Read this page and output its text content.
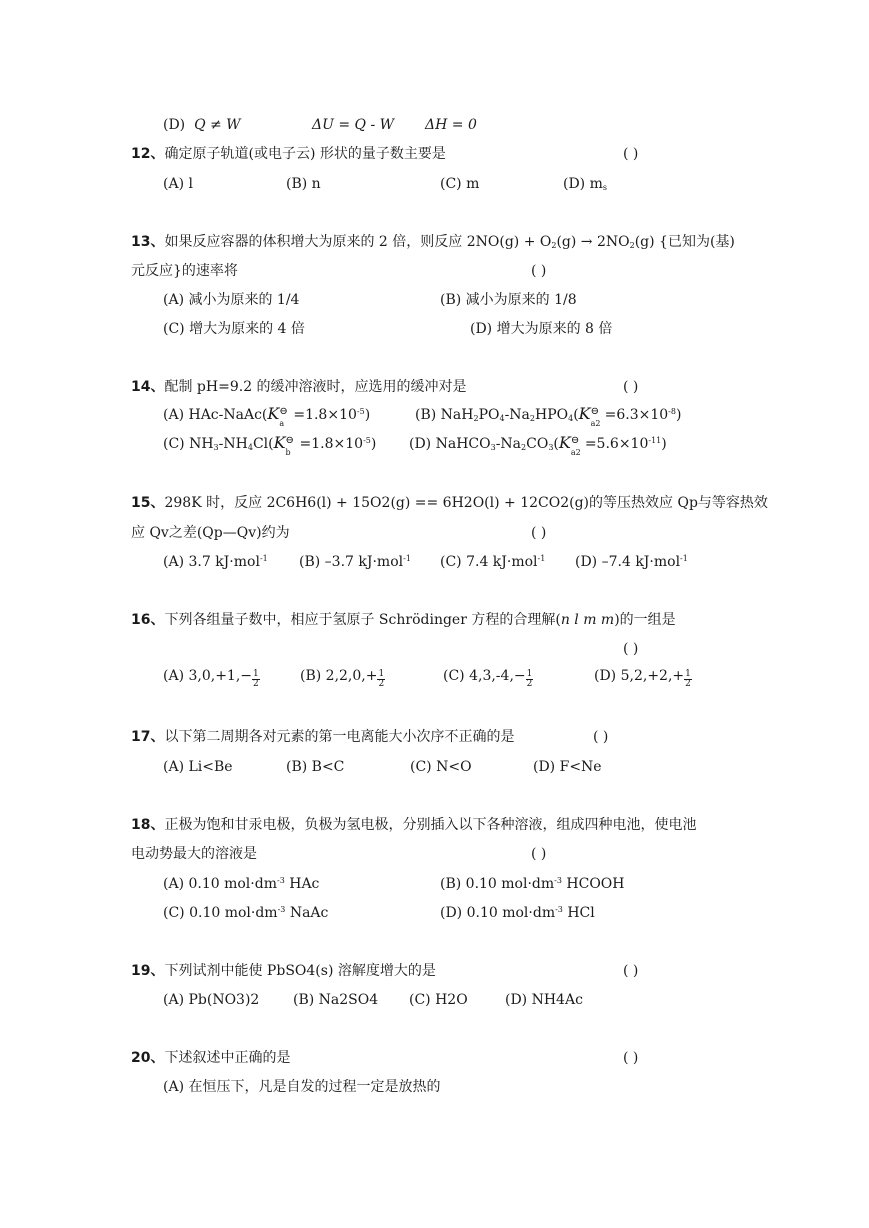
(D) Q ≠ W	ΔU = Q - W ΔH = 0
12、确定原子轨道(或电子云) 形状的量子数主要是	( )
(A) l	(B) n	(C) m	(D) $m_s$
13、如果反应容器的体积增大为原来的 2 倍，则反应 $2NO(g) + O_2(g) \to 2NO_2(g)$ {已知为(基)
元反应}的速率将	( )
(A) 减小为原来的 1/4	(B) 减小为原来的 1/8
(C) 增大为原来的 4 倍	(D) 增大为原来的 8 倍
14、配制 pH=9.2 的缓冲溶液时，应选用的缓冲对是	( )
(A) HAc-NaAc(K ⊖
a
$=1.8\times 10^{-5}$)	(B) $NaH_2PO_4-Na_2HPO_4(K$ ⊖
a2
$=6.3\times 10^{-8}$)
(C) $NH_3-NH_4Cl(K$ ⊖
b
$=1.8\times 10^{-5}$) (D) $NaHCO_3-Na_2CO_3(K$ ⊖
a2
$=5.6\times 10^{-11}$)
15、298K 时，反应 2C6H6(l) + 15O2(g) == 6H2O(l) + 12CO2(g)的等压热效应 Qp与等容热效
应 Qv之差(Qp—Qv)约为	( )
(A) 3.7 kJ·mol$^{-1}$ (B) –3.7 kJ·mol$^{-1}$ (C) 7.4 kJ·mol$^{-1}$ (D) –7.4 kJ·mol$^{-1}$
16、下列各组量子数中，相应于氢原子 Schrödinger 方程的合理解(n l m m)的一组是
( )
(A) $3,0,+1,- \frac{1}{2}$	(B) $2,2,0,+ \frac{1}{2}$	(C) $4,3,-4,- \frac{1}{2}$	(D) $5,2,+2,+ \frac{1}{2}$
17、以下第二周期各对元素的第一电离能大小次序不正确的是	( )
(A) Li<Be	(B) B<C	(C) N<O	(D) F<Ne
18、正极为饱和甘汞电极，负极为氢电极，分别插入以下各种溶液，组成四种电池，使电池
电动势最大的溶液是	( )
(A) 0.10 $mol\cdot dm^{-3}$ HAc	(B) 0.10 $mol\cdot dm^{-3}$ HCOOH
(C) 0.10 $mol\cdot dm^{-3}$ NaAc	(D) 0.10 $mol\cdot dm^{-3}$ HCl
19、下列试剂中能使 PbSO4(s) 溶解度增大的是	( )
(A) Pb(NO3)2 (B) Na2SO4 (C) H2O	(D) NH4Ac
20、下述叙述中正确的是	( )
(A) 在恒压下，凡是自发的过程一定是放热的
